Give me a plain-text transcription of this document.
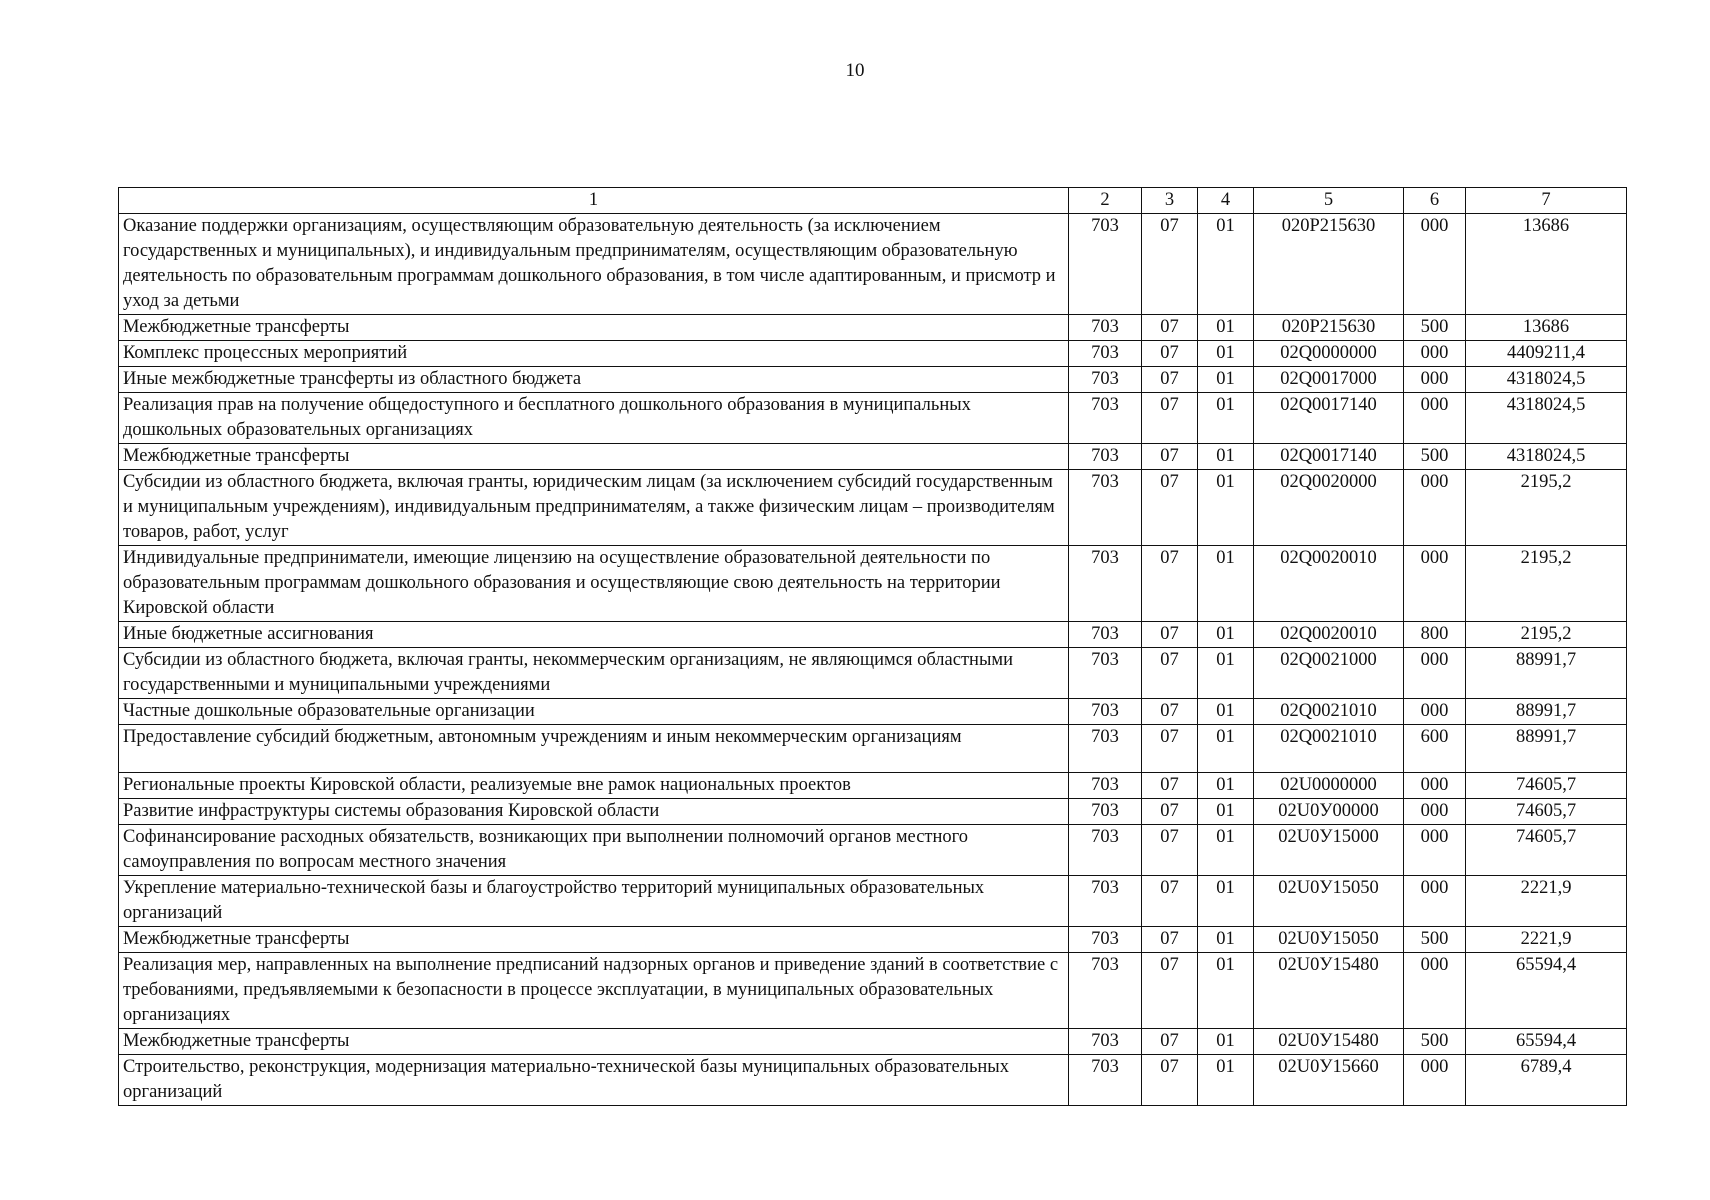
10
1	2	3	4	5	6	7
Оказание поддержки организациям, осуществляющим образовательную деятельность (за исключением государственных и муниципальных), и индивидуальным предпринимателям, осуществляющим образовательную деятельность по образовательным программам дошкольного образования, в том числе адаптированным, и присмотр и уход за детьми	703	07	01	020P215630	000	13686
Межбюджетные трансферты	703	07	01	020P215630	500	13686
Комплекс процессных мероприятий	703	07	01	02Q0000000	000	4409211,4
Иные межбюджетные трансферты из областного бюджета	703	07	01	02Q0017000	000	4318024,5
Реализация прав на получение общедоступного и бесплатного дошкольного образования в муниципальных дошкольных образовательных организациях	703	07	01	02Q0017140	000	4318024,5
Межбюджетные трансферты	703	07	01	02Q0017140	500	4318024,5
Субсидии из областного бюджета, включая гранты, юридическим лицам (за исключением субсидий государственным и муниципальным учреждениям), индивидуальным предпринимателям, а также физическим лицам – производителям товаров, работ, услуг	703	07	01	02Q0020000	000	2195,2
Индивидуальные предприниматели, имеющие лицензию на осуществление образовательной деятельности по образовательным программам дошкольного образования и осуществляющие свою деятельность на территории Кировской области	703	07	01	02Q0020010	000	2195,2
Иные бюджетные ассигнования	703	07	01	02Q0020010	800	2195,2
Субсидии из областного бюджета, включая гранты, некоммерческим организациям, не являющимся областными государственными и муниципальными учреждениями	703	07	01	02Q0021000	000	88991,7
Частные дошкольные образовательные организации	703	07	01	02Q0021010	000	88991,7
Предоставление субсидий бюджетным, автономным учреждениям и иным некоммерческим организациям	703	07	01	02Q0021010	600	88991,7
Региональные проекты Кировской области, реализуемые вне рамок национальных проектов	703	07	01	02U0000000	000	74605,7
Развитие инфраструктуры системы образования Кировской области	703	07	01	02U0У00000	000	74605,7
Софинансирование расходных обязательств, возникающих при выполнении полномочий органов местного самоуправления по вопросам местного значения	703	07	01	02U0У15000	000	74605,7
Укрепление материально-технической базы и благоустройство территорий муниципальных образовательных организаций	703	07	01	02U0У15050	000	2221,9
Межбюджетные трансферты	703	07	01	02U0У15050	500	2221,9
Реализация мер, направленных на выполнение предписаний надзорных органов и приведение зданий в соответствие с требованиями, предъявляемыми к безопасности в процессе эксплуатации, в муниципальных образовательных организациях	703	07	01	02U0У15480	000	65594,4
Межбюджетные трансферты	703	07	01	02U0У15480	500	65594,4
Строительство, реконструкция, модернизация материально-технической базы муниципальных образовательных организаций	703	07	01	02U0У15660	000	6789,4
